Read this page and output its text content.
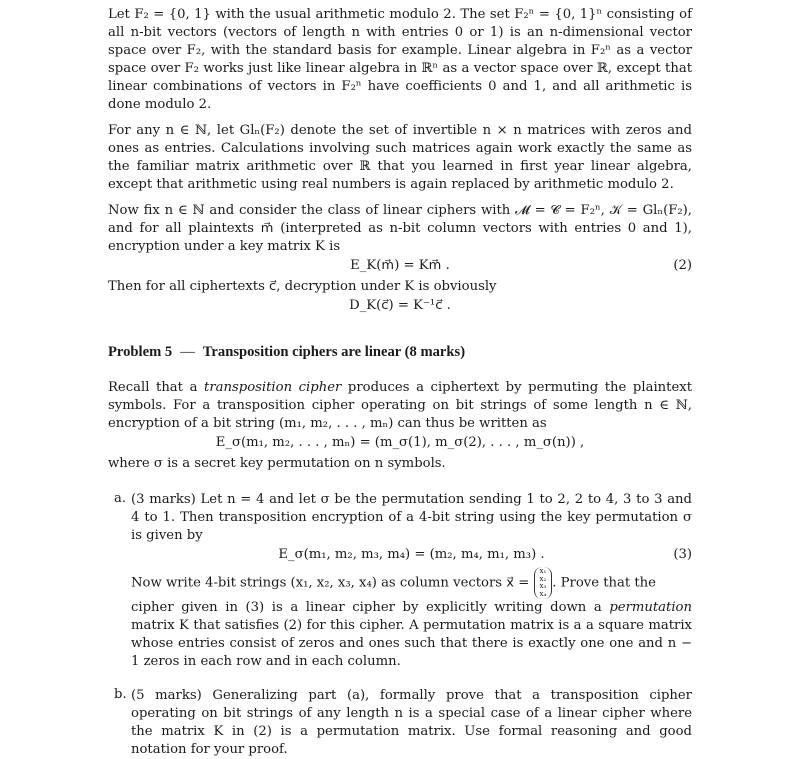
Let F₂ = {0, 1} with the usual arithmetic modulo 2. The set F₂ⁿ = {0, 1}ⁿ consisting of all n-bit vectors (vectors of length n with entries 0 or 1) is an n-dimensional vector space over F₂, with the standard basis for example. Linear algebra in F₂ⁿ as a vector space over F₂ works just like linear algebra in ℝⁿ as a vector space over ℝ, except that linear combinations of vectors in F₂ⁿ have coefficients 0 and 1, and all arithmetic is done modulo 2.

For any n ∈ ℕ, let Glₙ(F₂) denote the set of invertible n × n matrices with zeros and ones as entries. Calculations involving such matrices again work exactly the same as the familiar matrix arithmetic over ℝ that you learned in first year linear algebra, except that arithmetic using real numbers is again replaced by arithmetic modulo 2.

Now fix n ∈ ℕ and consider the class of linear ciphers with 𝓜 = 𝓒 = F₂ⁿ, 𝒦 = Glₙ(F₂), and for all plaintexts m⃗ (interpreted as n-bit column vectors with entries 0 and 1), encryption under a key matrix K is

E_K(m⃗) = Km⃗ .	(2)

Then for all ciphertexts c⃗, decryption under K is obviously

D_K(c⃗) = K⁻¹c⃗ .
Problem 5 — Transposition ciphers are linear (8 marks)

Recall that a transposition cipher produces a ciphertext by permuting the plaintext symbols. For a transposition cipher operating on bit strings of some length n ∈ ℕ, encryption of a bit string (m₁, m₂, . . . , mₙ) can thus be written as

E_σ(m₁, m₂, . . . , mₙ) = (m_σ(1), m_σ(2), . . . , m_σ(n)) ,

where σ is a secret key permutation on n symbols.

a. (3 marks) Let n = 4 and let σ be the permutation sending 1 to 2, 2 to 4, 3 to 3 and 4 to 1. Then transposition encryption of a 4-bit string using the key permutation σ is given by

E_σ(m₁, m₂, m₃, m₄) = (m₂, m₄, m₁, m₃) .	(3)

Now write 4-bit strings (x₁, x₂, x₃, x₄) as column vectors x⃗ = x₁
x₂
x₃
x₄. Prove that the

cipher given in (3) is a linear cipher by explicitly writing down a permutation matrix K that satisfies (2) for this cipher. A permutation matrix is a a square matrix whose entries consist of zeros and ones such that there is exactly one one and n − 1 zeros in each row and in each column.

b. (5 marks) Generalizing part (a), formally prove that a transposition cipher operating on bit strings of any length n is a special case of a linear cipher where the matrix K in (2) is a permutation matrix. Use formal reasoning and good notation for your proof.
